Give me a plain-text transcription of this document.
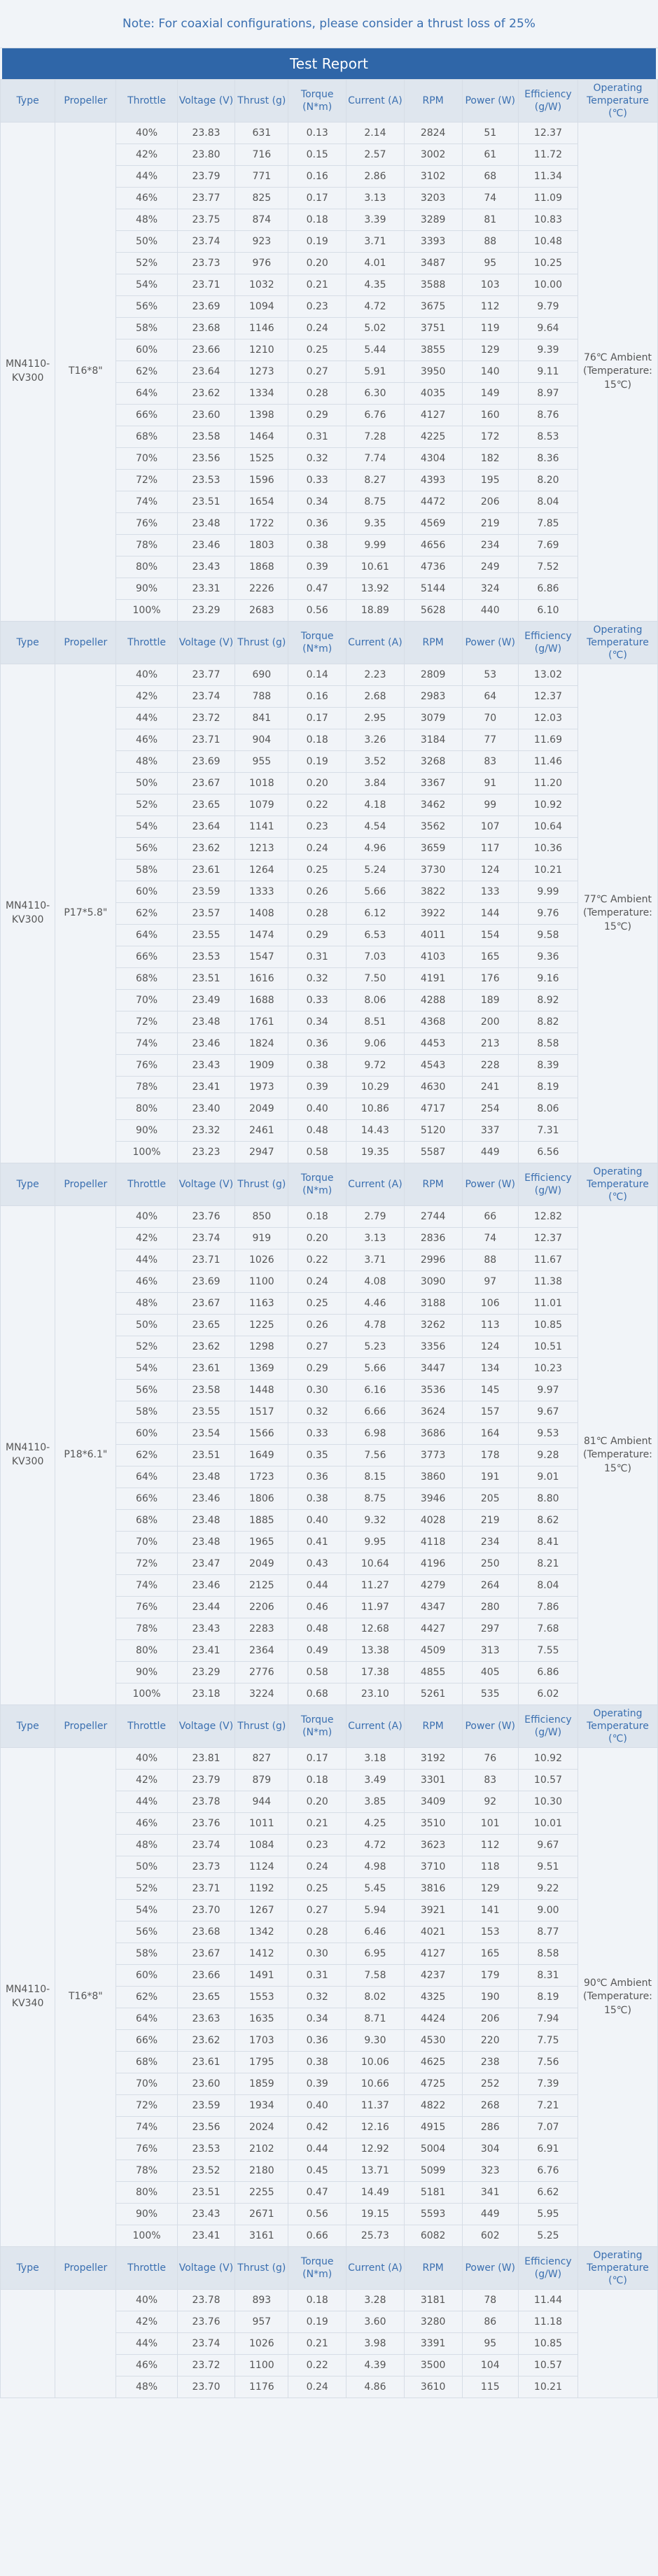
Note: For coaxial configurations, please consider a thrust loss of 25%
Test Report
Type	Propeller	Throttle	Voltage (V)	Thrust (g)	Torque (N*m)	Current (A)	RPM	Power (W)	Efficiency (g/W)	Operating Temperature (℃)
MN4110-KV300	T16*8"	40%	23.83	631	0.13	2.14	2824	51	12.37	76℃ Ambient (Temperature: 15℃)
		42%	23.80	716	0.15	2.57	3002	61	11.72	
		44%	23.79	771	0.16	2.86	3102	68	11.34	
		46%	23.77	825	0.17	3.13	3203	74	11.09	
		48%	23.75	874	0.18	3.39	3289	81	10.83	
		50%	23.74	923	0.19	3.71	3393	88	10.48	
		52%	23.73	976	0.20	4.01	3487	95	10.25	
		54%	23.71	1032	0.21	4.35	3588	103	10.00	
		56%	23.69	1094	0.23	4.72	3675	112	9.79	
		58%	23.68	1146	0.24	5.02	3751	119	9.64	
		60%	23.66	1210	0.25	5.44	3855	129	9.39	
		62%	23.64	1273	0.27	5.91	3950	140	9.11	
		64%	23.62	1334	0.28	6.30	4035	149	8.97	
		66%	23.60	1398	0.29	6.76	4127	160	8.76	
		68%	23.58	1464	0.31	7.28	4225	172	8.53	
		70%	23.56	1525	0.32	7.74	4304	182	8.36	
		72%	23.53	1596	0.33	8.27	4393	195	8.20	
		74%	23.51	1654	0.34	8.75	4472	206	8.04	
		76%	23.48	1722	0.36	9.35	4569	219	7.85	
		78%	23.46	1803	0.38	9.99	4656	234	7.69	
		80%	23.43	1868	0.39	10.61	4736	249	7.52	
		90%	23.31	2226	0.47	13.92	5144	324	6.86	
		100%	23.29	2683	0.56	18.89	5628	440	6.10	
Type	Propeller	Throttle	Voltage (V)	Thrust (g)	Torque (N*m)	Current (A)	RPM	Power (W)	Efficiency (g/W)	Operating Temperature (℃)
MN4110-KV300	P17*5.8"	40%	23.77	690	0.14	2.23	2809	53	13.02	77℃ Ambient (Temperature: 15℃)
		42%	23.74	788	0.16	2.68	2983	64	12.37	
		44%	23.72	841	0.17	2.95	3079	70	12.03	
		46%	23.71	904	0.18	3.26	3184	77	11.69	
		48%	23.69	955	0.19	3.52	3268	83	11.46	
		50%	23.67	1018	0.20	3.84	3367	91	11.20	
		52%	23.65	1079	0.22	4.18	3462	99	10.92	
		54%	23.64	1141	0.23	4.54	3562	107	10.64	
		56%	23.62	1213	0.24	4.96	3659	117	10.36	
		58%	23.61	1264	0.25	5.24	3730	124	10.21	
		60%	23.59	1333	0.26	5.66	3822	133	9.99	
		62%	23.57	1408	0.28	6.12	3922	144	9.76	
		64%	23.55	1474	0.29	6.53	4011	154	9.58	
		66%	23.53	1547	0.31	7.03	4103	165	9.36	
		68%	23.51	1616	0.32	7.50	4191	176	9.16	
		70%	23.49	1688	0.33	8.06	4288	189	8.92	
		72%	23.48	1761	0.34	8.51	4368	200	8.82	
		74%	23.46	1824	0.36	9.06	4453	213	8.58	
		76%	23.43	1909	0.38	9.72	4543	228	8.39	
		78%	23.41	1973	0.39	10.29	4630	241	8.19	
		80%	23.40	2049	0.40	10.86	4717	254	8.06	
		90%	23.32	2461	0.48	14.43	5120	337	7.31	
		100%	23.23	2947	0.58	19.35	5587	449	6.56	
Type	Propeller	Throttle	Voltage (V)	Thrust (g)	Torque (N*m)	Current (A)	RPM	Power (W)	Efficiency (g/W)	Operating Temperature (℃)
MN4110-KV300	P18*6.1"	40%	23.76	850	0.18	2.79	2744	66	12.82	81℃ Ambient (Temperature: 15℃)
		42%	23.74	919	0.20	3.13	2836	74	12.37	
		44%	23.71	1026	0.22	3.71	2996	88	11.67	
		46%	23.69	1100	0.24	4.08	3090	97	11.38	
		48%	23.67	1163	0.25	4.46	3188	106	11.01	
		50%	23.65	1225	0.26	4.78	3262	113	10.85	
		52%	23.62	1298	0.27	5.23	3356	124	10.51	
		54%	23.61	1369	0.29	5.66	3447	134	10.23	
		56%	23.58	1448	0.30	6.16	3536	145	9.97	
		58%	23.55	1517	0.32	6.66	3624	157	9.67	
		60%	23.54	1566	0.33	6.98	3686	164	9.53	
		62%	23.51	1649	0.35	7.56	3773	178	9.28	
		64%	23.48	1723	0.36	8.15	3860	191	9.01	
		66%	23.46	1806	0.38	8.75	3946	205	8.80	
		68%	23.48	1885	0.40	9.32	4028	219	8.62	
		70%	23.48	1965	0.41	9.95	4118	234	8.41	
		72%	23.47	2049	0.43	10.64	4196	250	8.21	
		74%	23.46	2125	0.44	11.27	4279	264	8.04	
		76%	23.44	2206	0.46	11.97	4347	280	7.86	
		78%	23.43	2283	0.48	12.68	4427	297	7.68	
		80%	23.41	2364	0.49	13.38	4509	313	7.55	
		90%	23.29	2776	0.58	17.38	4855	405	6.86	
		100%	23.18	3224	0.68	23.10	5261	535	6.02	
Type	Propeller	Throttle	Voltage (V)	Thrust (g)	Torque (N*m)	Current (A)	RPM	Power (W)	Efficiency (g/W)	Operating Temperature (℃)
MN4110-KV340	T16*8"	40%	23.81	827	0.17	3.18	3192	76	10.92	90℃ Ambient (Temperature: 15℃)
		42%	23.79	879	0.18	3.49	3301	83	10.57	
		44%	23.78	944	0.20	3.85	3409	92	10.30	
		46%	23.76	1011	0.21	4.25	3510	101	10.01	
		48%	23.74	1084	0.23	4.72	3623	112	9.67	
		50%	23.73	1124	0.24	4.98	3710	118	9.51	
		52%	23.71	1192	0.25	5.45	3816	129	9.22	
		54%	23.70	1267	0.27	5.94	3921	141	9.00	
		56%	23.68	1342	0.28	6.46	4021	153	8.77	
		58%	23.67	1412	0.30	6.95	4127	165	8.58	
		60%	23.66	1491	0.31	7.58	4237	179	8.31	
		62%	23.65	1553	0.32	8.02	4325	190	8.19	
		64%	23.63	1635	0.34	8.71	4424	206	7.94	
		66%	23.62	1703	0.36	9.30	4530	220	7.75	
		68%	23.61	1795	0.38	10.06	4625	238	7.56	
		70%	23.60	1859	0.39	10.66	4725	252	7.39	
		72%	23.59	1934	0.40	11.37	4822	268	7.21	
		74%	23.56	2024	0.42	12.16	4915	286	7.07	
		76%	23.53	2102	0.44	12.92	5004	304	6.91	
		78%	23.52	2180	0.45	13.71	5099	323	6.76	
		80%	23.51	2255	0.47	14.49	5181	341	6.62	
		90%	23.43	2671	0.56	19.15	5593	449	5.95	
		100%	23.41	3161	0.66	25.73	6082	602	5.25	
Type	Propeller	Throttle	Voltage (V)	Thrust (g)	Torque (N*m)	Current (A)	RPM	Power (W)	Efficiency (g/W)	Operating Temperature (℃)
		40%	23.78	893	0.18	3.28	3181	78	11.44	
		42%	23.76	957	0.19	3.60	3280	86	11.18	
		44%	23.74	1026	0.21	3.98	3391	95	10.85	
		46%	23.72	1100	0.22	4.39	3500	104	10.57	
		48%	23.70	1176	0.24	4.86	3610	115	10.21	
